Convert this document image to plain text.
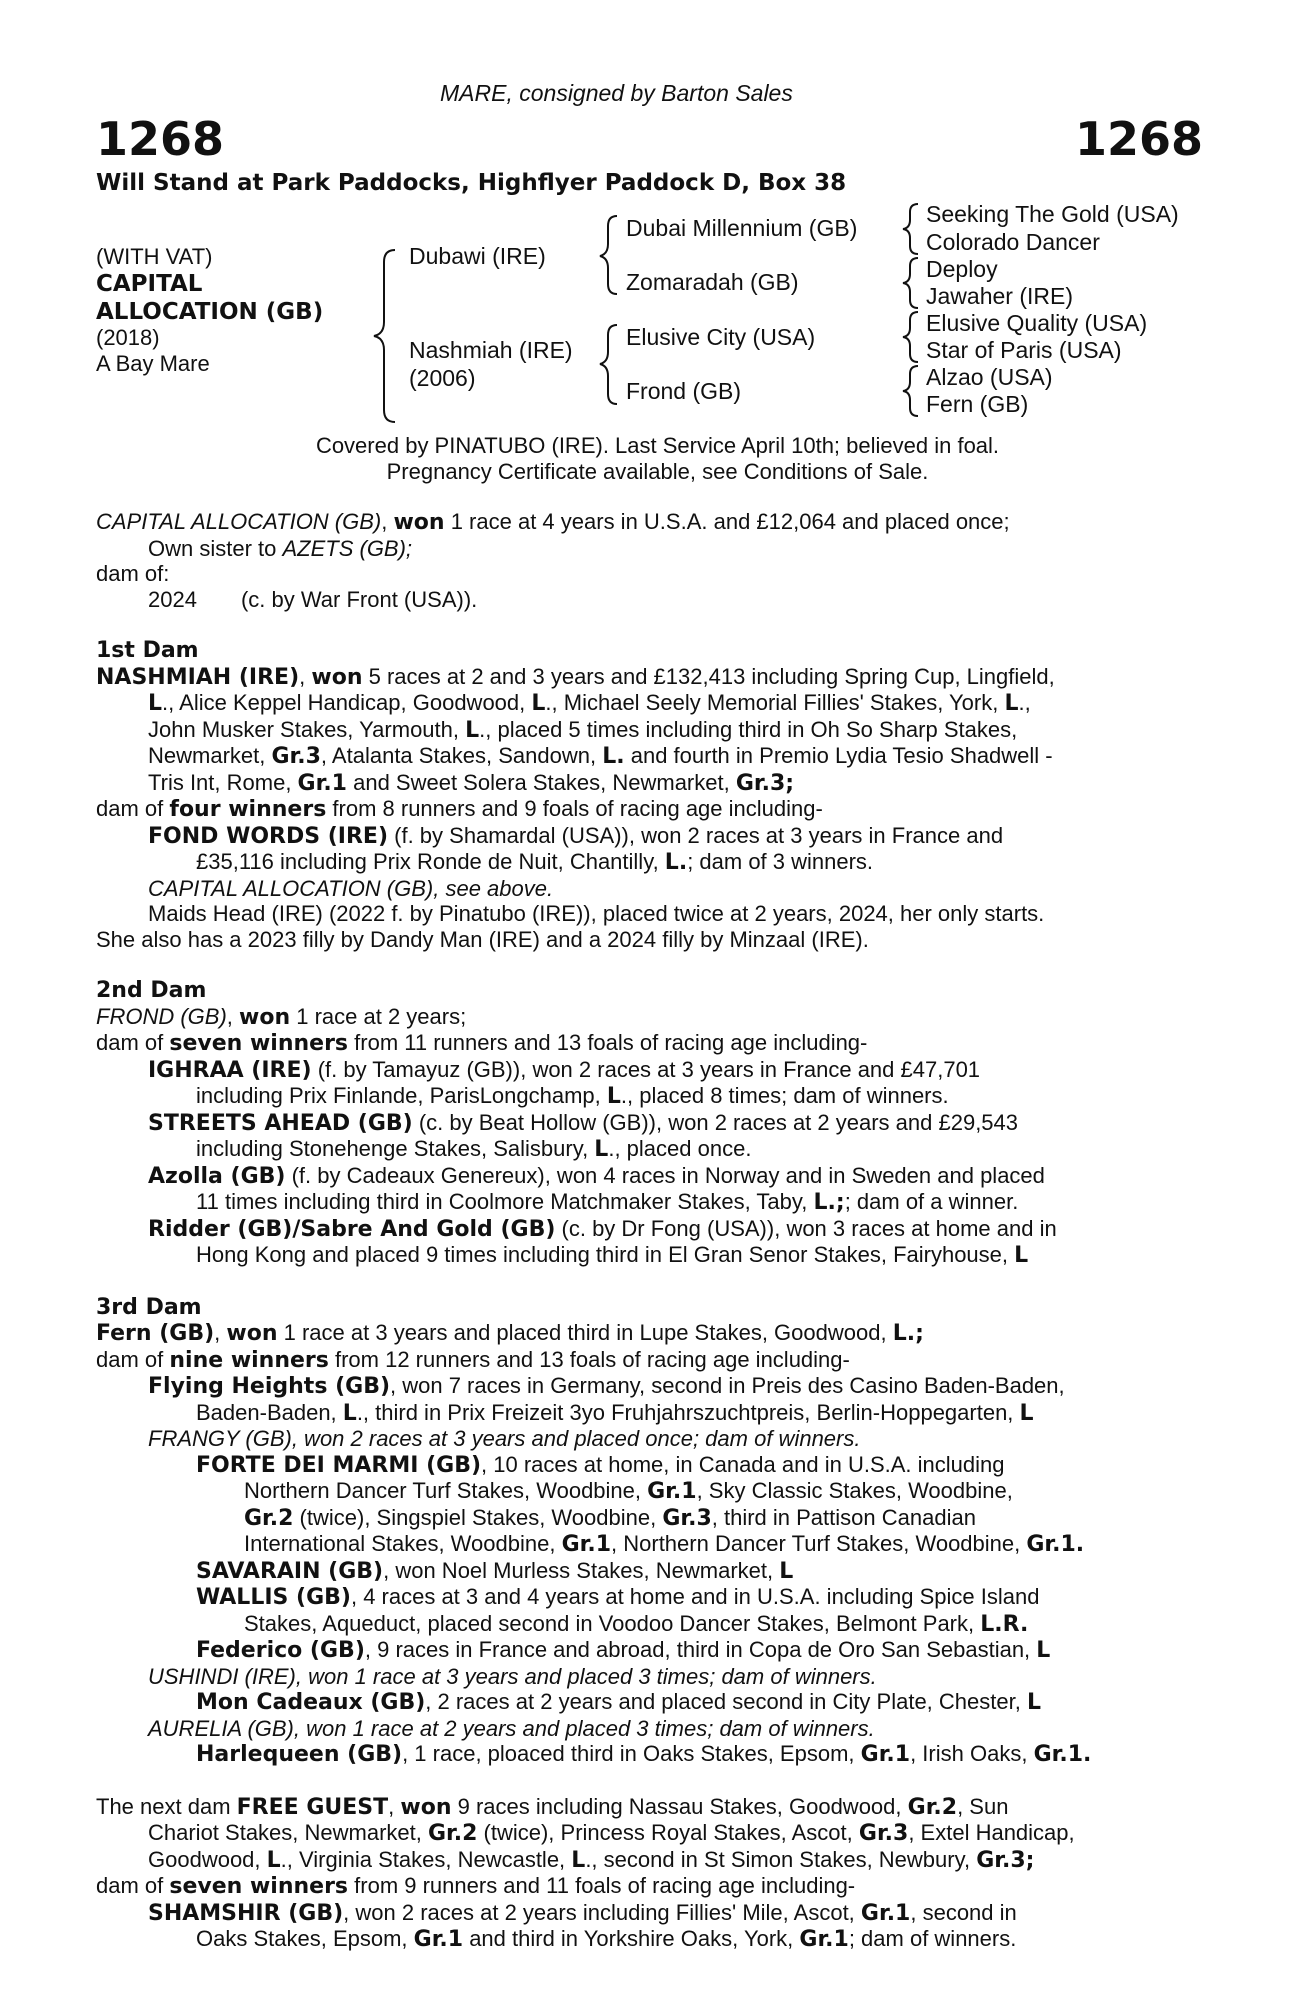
MARE, consigned by Barton Sales
1268	1268
Will Stand at Park Paddocks, Highflyer Paddock D, Box 38
(WITH VAT)
CAPITAL
ALLOCATION (GB)
(2018)
A Bay Mare
Dubawi (IRE)
Nashmiah (IRE)
(2006)
Dubai Millennium (GB)
Zomaradah (GB)
Elusive City (USA)
Frond (GB)
Seeking The Gold (USA)
Colorado Dancer
Deploy
Jawaher (IRE)
Elusive Quality (USA)
Star of Paris (USA)
Alzao (USA)
Fern (GB)
Covered by PINATUBO (IRE). Last Service April 10th; believed in foal.
Pregnancy Certificate available, see Conditions of Sale.

CAPITAL ALLOCATION (GB), won 1 race at 4 years in U.S.A. and £12,064 and placed once;

Own sister to AZETS (GB);

dam of:

2024 (c. by War Front (USA)).

1st Dam

NASHMIAH (IRE), won 5 races at 2 and 3 years and £132,413 including Spring Cup, Lingfield,

L., Alice Keppel Handicap, Goodwood, L., Michael Seely Memorial Fillies' Stakes, York, L.,
John Musker Stakes, Yarmouth, L., placed 5 times including third in Oh So Sharp Stakes,
Newmarket, Gr.3, Atalanta Stakes, Sandown, L. and fourth in Premio Lydia Tesio Shadwell -
Tris Int, Rome, Gr.1 and Sweet Solera Stakes, Newmarket, Gr.3;

dam of four winners from 8 runners and 9 foals of racing age including-

FOND WORDS (IRE) (f. by Shamardal (USA)), won 2 races at 3 years in France and
£35,116 including Prix Ronde de Nuit, Chantilly, L.; dam of 3 winners.
CAPITAL ALLOCATION (GB), see above.
Maids Head (IRE) (2022 f. by Pinatubo (IRE)), placed twice at 2 years, 2024, her only starts.

She also has a 2023 filly by Dandy Man (IRE) and a 2024 filly by Minzaal (IRE).

2nd Dam

FROND (GB), won 1 race at 2 years;

dam of seven winners from 11 runners and 13 foals of racing age including-

IGHRAA (IRE) (f. by Tamayuz (GB)), won 2 races at 3 years in France and £47,701
including Prix Finlande, ParisLongchamp, L., placed 8 times; dam of winners.
STREETS AHEAD (GB) (c. by Beat Hollow (GB)), won 2 races at 2 years and £29,543
including Stonehenge Stakes, Salisbury, L., placed once.
Azolla (GB) (f. by Cadeaux Genereux), won 4 races in Norway and in Sweden and placed
11 times including third in Coolmore Matchmaker Stakes, Taby, L.;; dam of a winner.
Ridder (GB)/Sabre And Gold (GB) (c. by Dr Fong (USA)), won 3 races at home and in
Hong Kong and placed 9 times including third in El Gran Senor Stakes, Fairyhouse, L

3rd Dam

Fern (GB), won 1 race at 3 years and placed third in Lupe Stakes, Goodwood, L.;

dam of nine winners from 12 runners and 13 foals of racing age including-

Flying Heights (GB), won 7 races in Germany, second in Preis des Casino Baden-Baden,
Baden-Baden, L., third in Prix Freizeit 3yo Fruhjahrszuchtpreis, Berlin-Hoppegarten, L
FRANGY (GB), won 2 races at 3 years and placed once; dam of winners.
FORTE DEI MARMI (GB), 10 races at home, in Canada and in U.S.A. including
Northern Dancer Turf Stakes, Woodbine, Gr.1, Sky Classic Stakes, Woodbine,
Gr.2 (twice), Singspiel Stakes, Woodbine, Gr.3, third in Pattison Canadian
International Stakes, Woodbine, Gr.1, Northern Dancer Turf Stakes, Woodbine, Gr.1.
SAVARAIN (GB), won Noel Murless Stakes, Newmarket, L
WALLIS (GB), 4 races at 3 and 4 years at home and in U.S.A. including Spice Island
Stakes, Aqueduct, placed second in Voodoo Dancer Stakes, Belmont Park, L.R.
Federico (GB), 9 races in France and abroad, third in Copa de Oro San Sebastian, L
USHINDI (IRE), won 1 race at 3 years and placed 3 times; dam of winners.
Mon Cadeaux (GB), 2 races at 2 years and placed second in City Plate, Chester, L
AURELIA (GB), won 1 race at 2 years and placed 3 times; dam of winners.
Harlequeen (GB), 1 race, ploaced third in Oaks Stakes, Epsom, Gr.1, Irish Oaks, Gr.1.

The next dam FREE GUEST, won 9 races including Nassau Stakes, Goodwood, Gr.2, Sun

Chariot Stakes, Newmarket, Gr.2 (twice), Princess Royal Stakes, Ascot, Gr.3, Extel Handicap,
Goodwood, L., Virginia Stakes, Newcastle, L., second in St Simon Stakes, Newbury, Gr.3;

dam of seven winners from 9 runners and 11 foals of racing age including-

SHAMSHIR (GB), won 2 races at 2 years including Fillies' Mile, Ascot, Gr.1, second in
Oaks Stakes, Epsom, Gr.1 and third in Yorkshire Oaks, York, Gr.1; dam of winners.
